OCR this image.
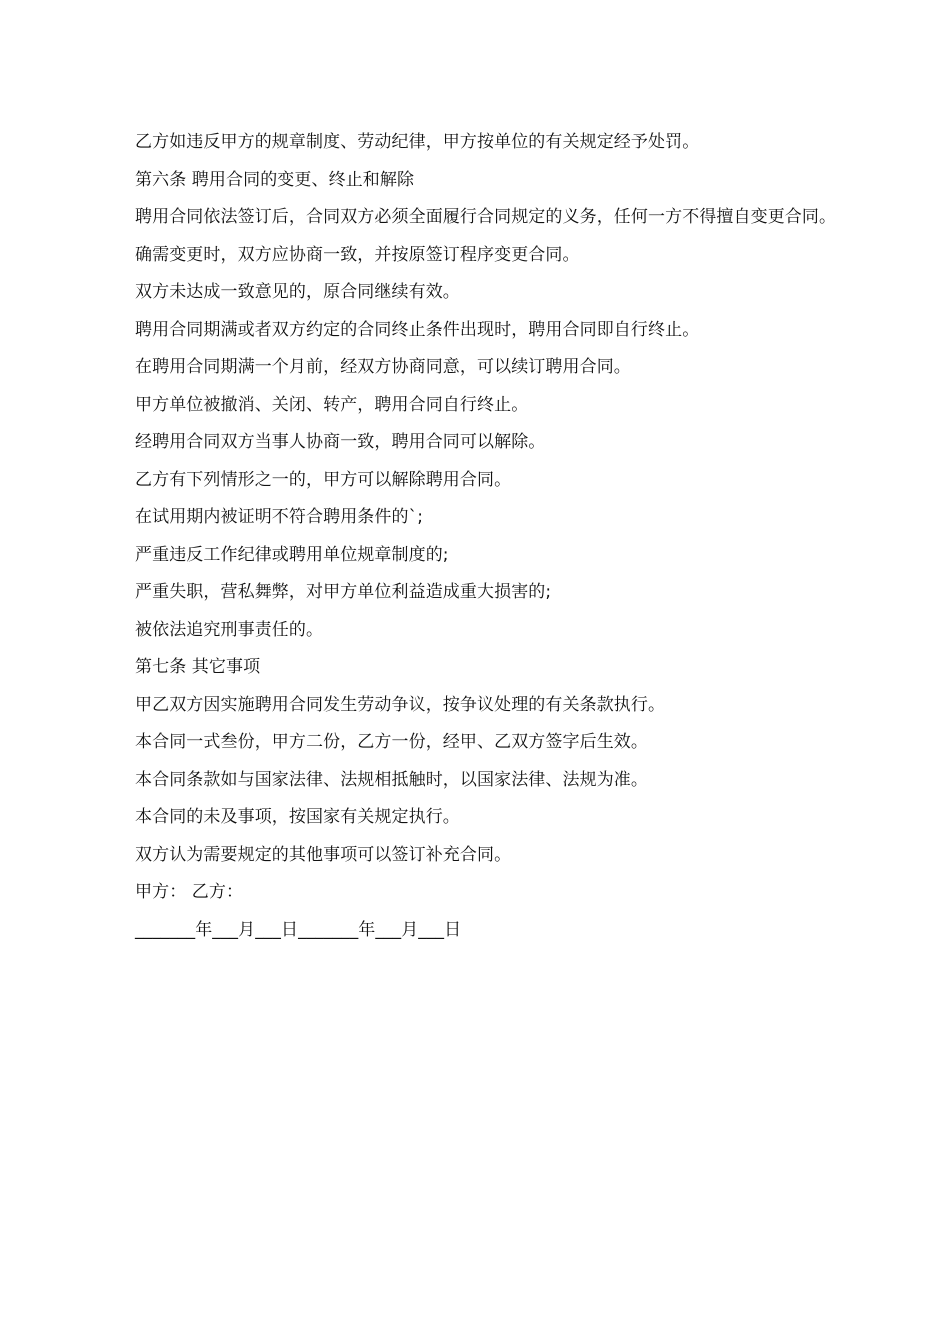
乙方如违反甲方的规章制度、劳动纪律，甲方按单位的有关规定经予处罚。

第六条 聘用合同的变更、终止和解除

聘用合同依法签订后，合同双方必须全面履行合同规定的义务，任何一方不得擅自变更合同。

确需变更时，双方应协商一致，并按原签订程序变更合同。

双方未达成一致意见的，原合同继续有效。

聘用合同期满或者双方约定的合同终止条件出现时，聘用合同即自行终止。

在聘用合同期满一个月前，经双方协商同意，可以续订聘用合同。

甲方单位被撤消、关闭、转产，聘用合同自行终止。

经聘用合同双方当事人协商一致，聘用合同可以解除。

乙方有下列情形之一的，甲方可以解除聘用合同。

在试用期内被证明不符合聘用条件的`;

严重违反工作纪律或聘用单位规章制度的;

严重失职，营私舞弊，对甲方单位利益造成重大损害的;

被依法追究刑事责任的。

第七条 其它事项

甲乙双方因实施聘用合同发生劳动争议，按争议处理的有关条款执行。

本合同一式叁份，甲方二份，乙方一份，经甲、乙双方签字后生效。

本合同条款如与国家法律、法规相抵触时，以国家法律、法规为准。

本合同的未及事项，按国家有关规定执行。

双方认为需要规定的其他事项可以签订补充合同。

甲方： 乙方：

_______年___月___日_______年___月___日
